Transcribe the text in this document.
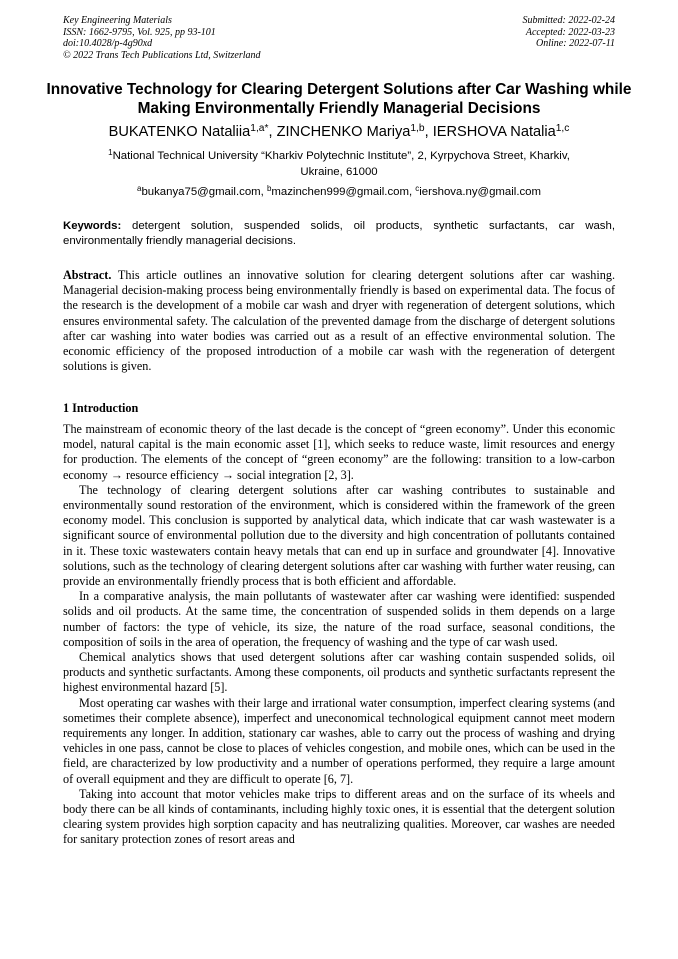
Key Engineering Materials
ISSN: 1662-9795, Vol. 925, pp 93-101
doi:10.4028/p-4g90xd
© 2022 Trans Tech Publications Ltd, Switzerland
Submitted: 2022-02-24
Accepted: 2022-03-23
Online: 2022-07-11
Innovative Technology for Clearing Detergent Solutions after Car Washing while Making Environmentally Friendly Managerial Decisions
BUKATENKO Nataliia$^{1,a*}$, ZINCHENKO Mariya$^{1,b}$, IERSHOVA Natalia$^{1,c}$
$^1$National Technical University “Kharkiv Polytechnic Institute”, 2, Kyrpychova Street, Kharkiv, Ukraine, 61000
$^a$bukanya75@gmail.com, $^b$mazinchen999@gmail.com, $^c$iershova.ny@gmail.com
Keywords: detergent solution, suspended solids, oil products, synthetic surfactants, car wash, environmentally friendly managerial decisions.
Abstract. This article outlines an innovative solution for clearing detergent solutions after car washing. Managerial decision-making process being environmentally friendly is based on experimental data. The focus of the research is the development of a mobile car wash and dryer with regeneration of detergent solutions, which ensures environmental safety. The calculation of the prevented damage from the discharge of detergent solutions after car washing into water bodies was carried out as a result of an effective environmental solution. The economic efficiency of the proposed introduction of a mobile car wash with the regeneration of detergent solutions is given.
1 Introduction

The mainstream of economic theory of the last decade is the concept of “green economy”. Under this economic model, natural capital is the main economic asset [1], which seeks to reduce waste, limit resources and energy for production. The elements of the concept of “green economy” are the following: transition to a low-carbon economy → resource efficiency → social integration [2, 3].

The technology of clearing detergent solutions after car washing contributes to sustainable and environmentally sound restoration of the environment, which is considered within the framework of the green economy model. This conclusion is supported by analytical data, which indicate that car wash wastewater is a significant source of environmental pollution due to the diversity and high concentration of pollutants contained in it. These toxic wastewaters contain heavy metals that can end up in surface and groundwater [4]. Innovative solutions, such as the technology of clearing detergent solutions after car washing with further water reusing, can provide an environmentally friendly process that is both efficient and affordable.

In a comparative analysis, the main pollutants of wastewater after car washing were identified: suspended solids and oil products. At the same time, the concentration of suspended solids in them depends on a large number of factors: the type of vehicle, its size, the nature of the road surface, seasonal conditions, the composition of soils in the area of operation, the frequency of washing and the type of car wash used.

Chemical analytics shows that used detergent solutions after car washing contain suspended solids, oil products and synthetic surfactants. Among these components, oil products and synthetic surfactants represent the highest environmental hazard [5].

Most operating car washes with their large and irrational water consumption, imperfect clearing systems (and sometimes their complete absence), imperfect and uneconomical technological equipment cannot meet modern requirements any longer. In addition, stationary car washes, able to carry out the process of washing and drying vehicles in one pass, cannot be close to places of vehicles congestion, and mobile ones, which can be used in the field, are characterized by low productivity and a number of operations performed, they require a large amount of overall equipment and they are difficult to operate [6, 7].

Taking into account that motor vehicles make trips to different areas and on the surface of its wheels and body there can be all kinds of contaminants, including highly toxic ones, it is essential that the detergent solution clearing system provides high sorption capacity and has neutralizing qualities. Moreover, car washes are needed for sanitary protection zones of resort areas and
